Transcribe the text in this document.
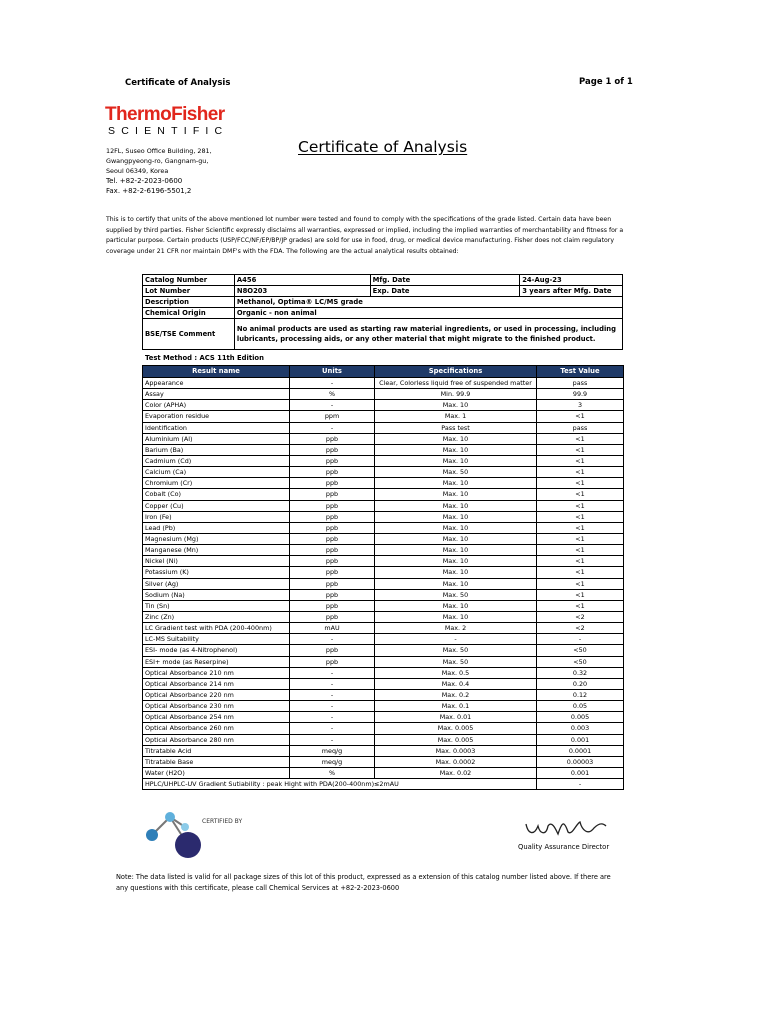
Certificate of Analysis	Page 1 of 1
ThermoFisher
SCIENTIFIC
12FL, Suseo Office Building, 281,
Gwangpyeong-ro, Gangnam-gu,
Seoul 06349, Korea
Tel. +82-2-2023-0600
Fax. +82-2-6196-5501,2
Certificate of Analysis
This is to certify that units of the above mentioned lot number were tested and found to comply with the specifications of the grade listed. Certain data have been supplied by third parties. Fisher Scientific expressly disclaims all warranties, expressed or implied, including the implied warranties of merchantability and fitness for a particular purpose. Certain products (USP/FCC/NF/EP/BP/JP grades) are sold for use in food, drug, or medical device manufacturing. Fisher does not claim regulatory coverage under 21 CFR nor maintain DMF's with the FDA. The following are the actual analytical results obtained:
Catalog Number	A456	Mfg. Date	24-Aug-23
Lot Number	N8O203	Exp. Date	3 years after Mfg. Date
Description	Methanol, Optima® LC/MS grade		
Chemical Origin	Organic - non animal		
BSE/TSE Comment	No animal products are used as starting raw material ingredients, or used in processing, including lubricants, processing aids, or any other material that might migrate to the finished product.		
Test Method : ACS 11th Edition
Result name	Units	Specifications	Test Value
Appearance	-	Clear, Colorless liquid free of suspended matter	pass
Assay	%	Min. 99.9	99.9
Color (APHA)	-	Max. 10	3
Evaporation residue	ppm	Max. 1	<1
Identification	-	Pass test	pass
Aluminium (Al)	ppb	Max. 10	<1
Barium (Ba)	ppb	Max. 10	<1
Cadmium (Cd)	ppb	Max. 10	<1
Calcium (Ca)	ppb	Max. 50	<1
Chromium (Cr)	ppb	Max. 10	<1
Cobalt (Co)	ppb	Max. 10	<1
Copper (Cu)	ppb	Max. 10	<1
Iron (Fe)	ppb	Max. 10	<1
Lead (Pb)	ppb	Max. 10	<1
Magnesium (Mg)	ppb	Max. 10	<1
Manganese (Mn)	ppb	Max. 10	<1
Nickel (Ni)	ppb	Max. 10	<1
Potassium (K)	ppb	Max. 10	<1
Silver (Ag)	ppb	Max. 10	<1
Sodium (Na)	ppb	Max. 50	<1
Tin (Sn)	ppb	Max. 10	<1
Zinc (Zn)	ppb	Max. 10	<2
LC Gradient test with PDA (200-400nm)	mAU	Max. 2	<2
LC-MS Suitability	-	-	-
ESI- mode (as 4-Nitrophenol)	ppb	Max. 50	<50
ESI+ mode (as Reserpine)	ppb	Max. 50	<50
Optical Absorbance 210 nm	-	Max. 0.5	0.32
Optical Absorbance 214 nm	-	Max. 0.4	0.20
Optical Absorbance 220 nm	-	Max. 0.2	0.12
Optical Absorbance 230 nm	-	Max. 0.1	0.05
Optical Absorbance 254 nm	-	Max. 0.01	0.005
Optical Absorbance 260 nm	-	Max. 0.005	0.003
Optical Absorbance 280 nm	-	Max. 0.005	0.001
Titratable Acid	meq/g	Max. 0.0003	0.0001
Titratable Base	meq/g	Max. 0.0002	0.00003
Water (H2O)	%	Max. 0.02	0.001
HPLC/UHPLC-UV Gradient Sutiability : peak Hight with PDA(200-400nm)≤2mAU			-
CERTIFIED BY
Quality Assurance Director
Note: The data listed is valid for all package sizes of this lot of this product, expressed as a extension of this catalog number listed above. If there are any questions with this certificate, please call Chemical Services at +82-2-2023-0600
